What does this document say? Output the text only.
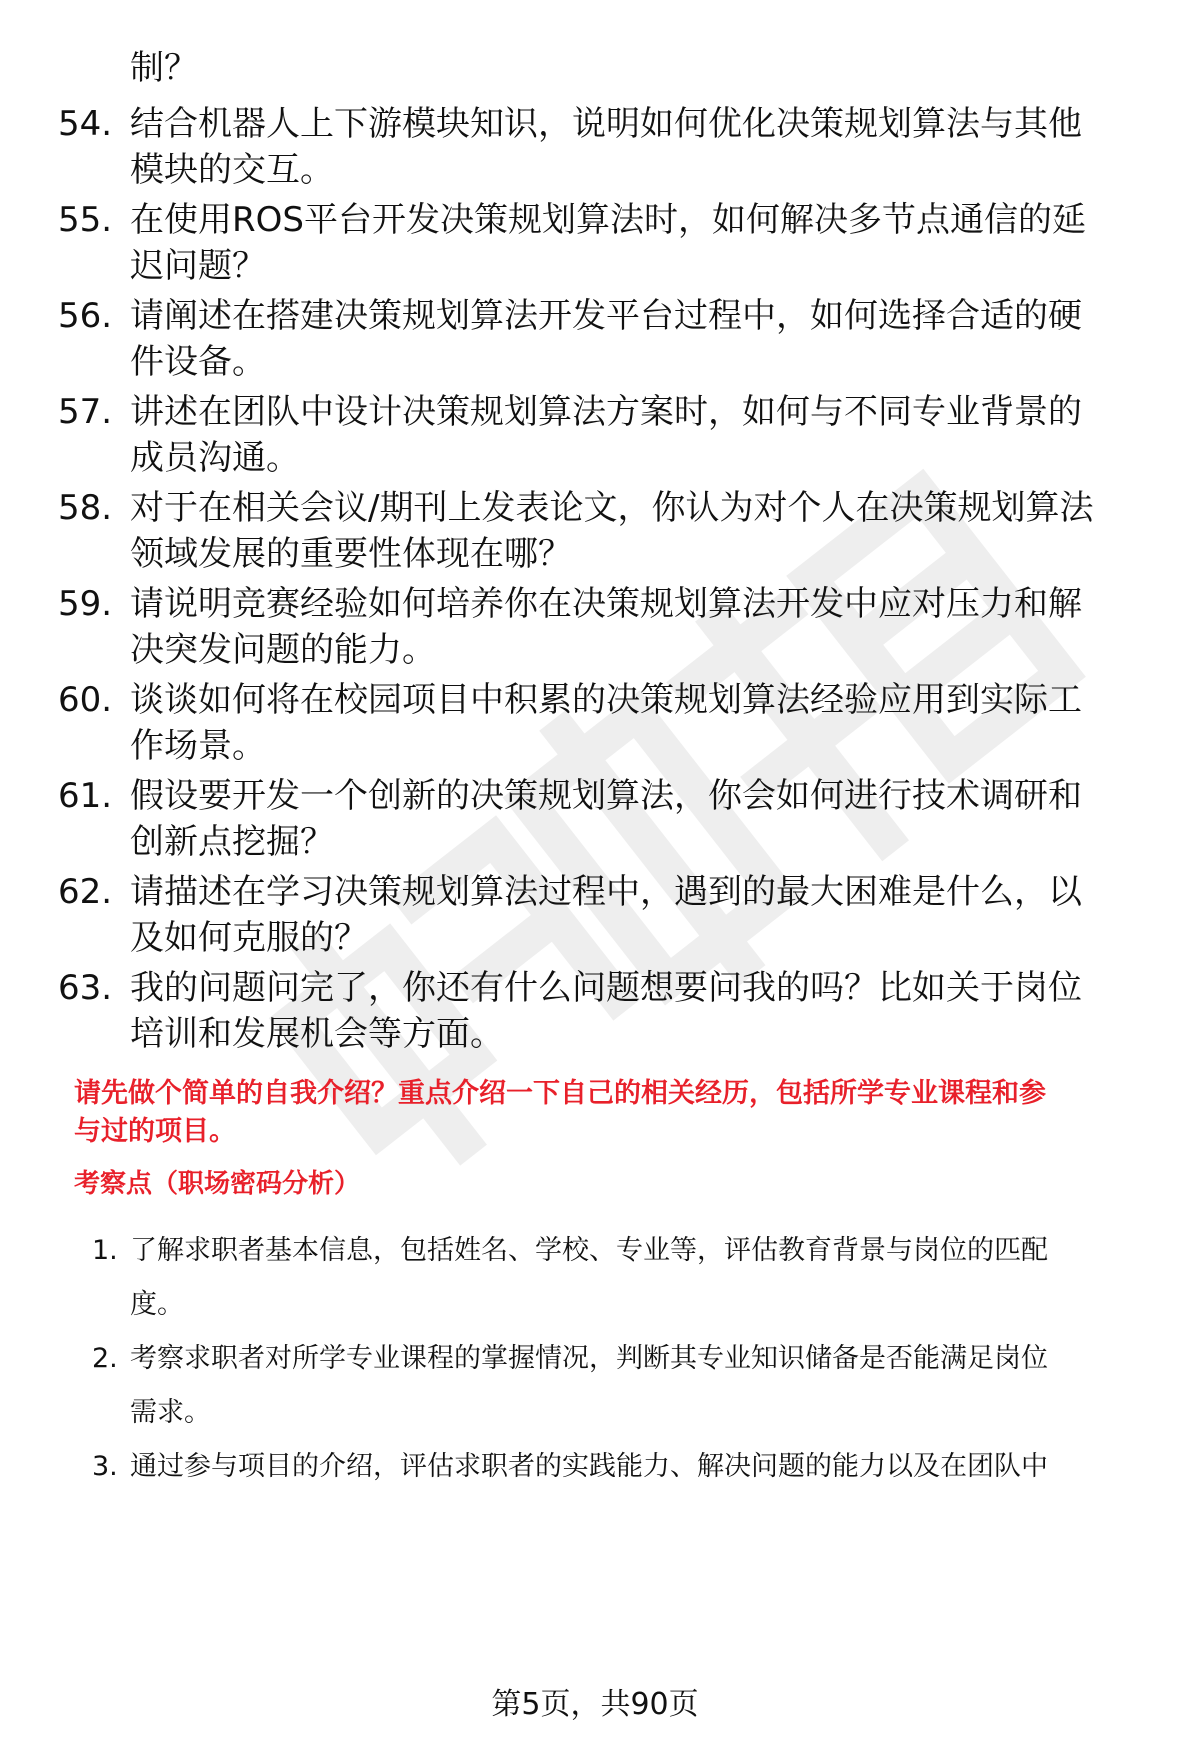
制？
54. 结合机器人上下游模块知识，说明如何优化决策规划算法与其他
模块的交互。
55. 在使用ROS平台开发决策规划算法时，如何解决多节点通信的延
迟问题？
56. 请阐述在搭建决策规划算法开发平台过程中，如何选择合适的硬
件设备。
57. 讲述在团队中设计决策规划算法方案时，如何与不同专业背景的
成员沟通。
58. 对于在相关会议/期刊上发表论文，你认为对个人在决策规划算法
领域发展的重要性体现在哪？
59. 请说明竞赛经验如何培养你在决策规划算法开发中应对压力和解
决突发问题的能力。
60. 谈谈如何将在校园项目中积累的决策规划算法经验应用到实际工
作场景。
61. 假设要开发一个创新的决策规划算法，你会如何进行技术调研和
创新点挖掘？
62. 请描述在学习决策规划算法过程中，遇到的最大困难是什么，以
及如何克服的？
63. 我的问题问完了，你还有什么问题想要问我的吗？比如关于岗位
培训和发展机会等方面。
请先做个简单的自我介绍？重点介绍一下自己的相关经历，包括所学专业课程和参
与过的项目。
考察点（职场密码分析）
1. 了解求职者基本信息，包括姓名、学校、专业等，评估教育背景与岗位的匹配
度。
2. 考察求职者对所学专业课程的掌握情况，判断其专业知识储备是否能满足岗位
需求。
3. 通过参与项目的介绍，评估求职者的实践能力、解决问题的能力以及在团队中
第5页，共90页
